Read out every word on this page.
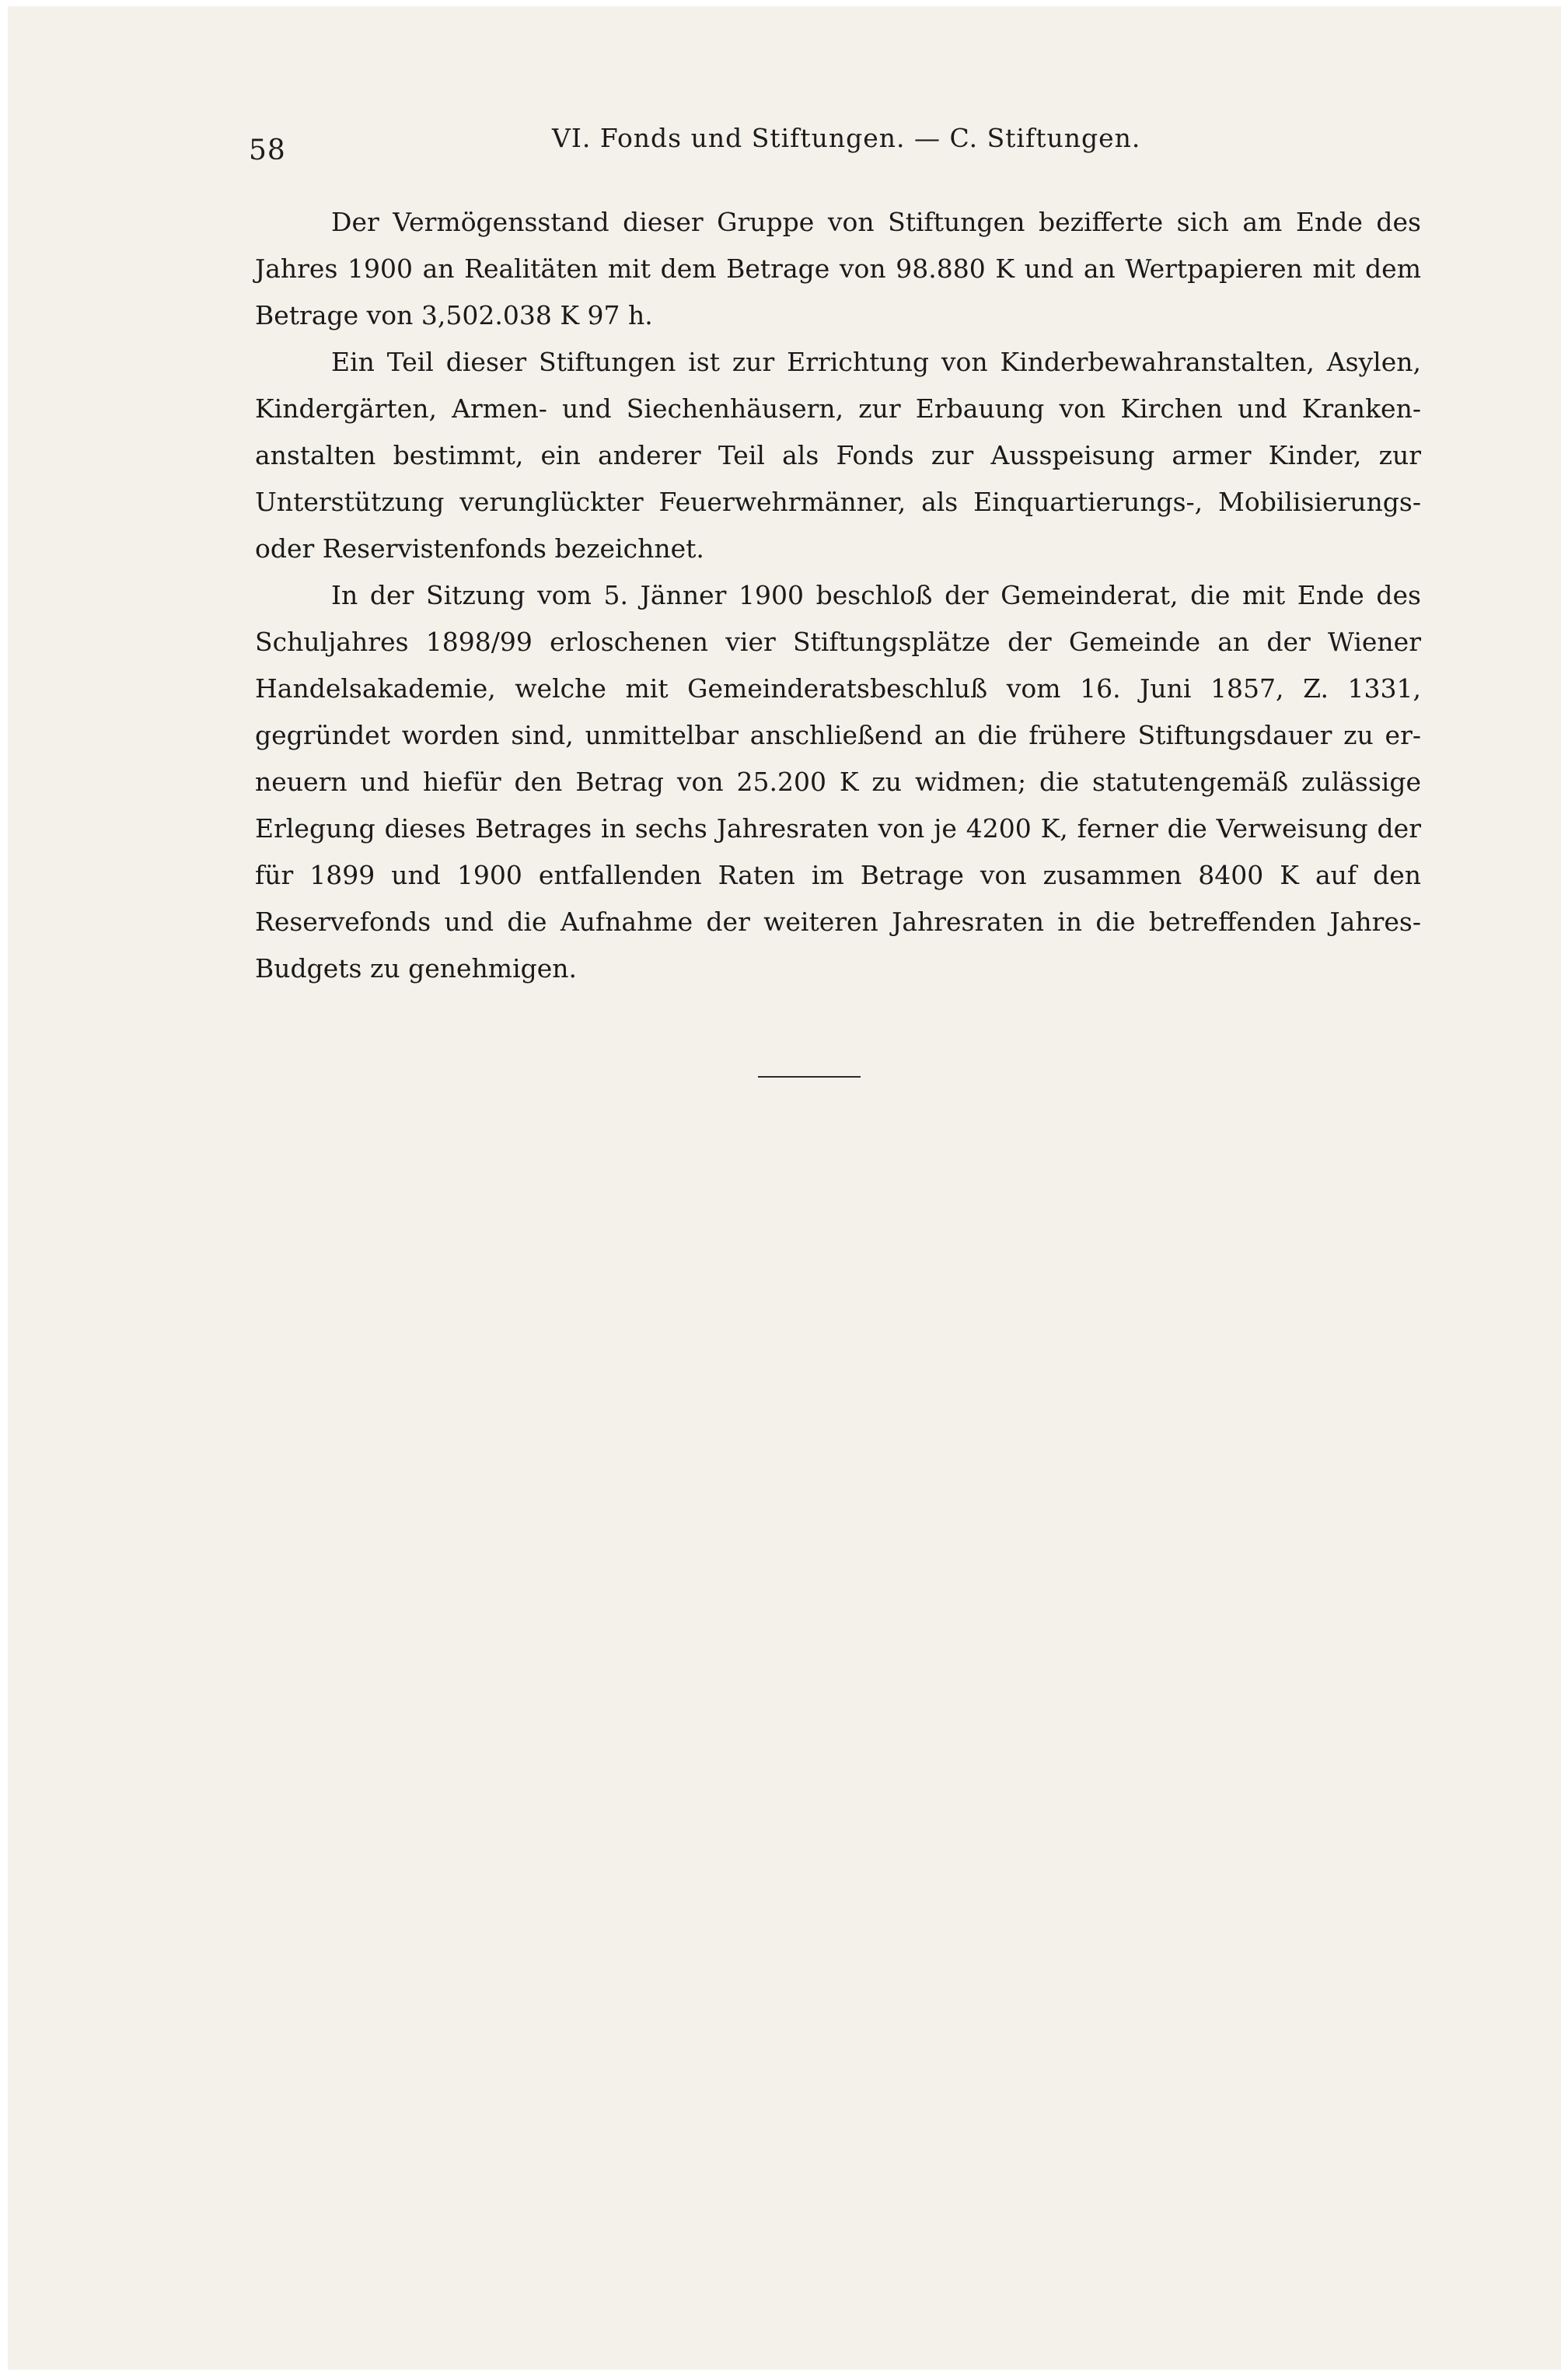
58	VI. Fonds und Stiftungen. — C. Stiftungen.

Der Vermögensstand dieser Gruppe von Stiftungen bezifferte sich am Ende des Jahres 1900 an Realitäten mit dem Betrage von 98.880 K und an Wertpapieren mit dem Betrage von 3,502.038 K 97 h.

Ein Teil dieser Stiftungen ist zur Errichtung von Kinderbewahranstalten, Asylen, Kindergärten, Armen- und Siechenhäusern, zur Erbauung von Kirchen und Kranken-anstalten bestimmt, ein anderer Teil als Fonds zur Ausspeisung armer Kinder, zur Unterstützung verunglückter Feuerwehrmänner, als Einquartierungs-, Mobilisierungs-oder Reservistenfonds bezeichnet.

In der Sitzung vom 5. Jänner 1900 beschloß der Gemeinderat, die mit Ende des Schuljahres 1898/99 erloschenen vier Stiftungsplätze der Gemeinde an der Wiener Handelsakademie, welche mit Gemeinderatsbeschluß vom 16. Juni 1857, Z. 1331, gegründet worden sind, unmittelbar anschließend an die frühere Stiftungsdauer zu er-neuern und hiefür den Betrag von 25.200 K zu widmen; die statutengemäß zulässige Erlegung dieses Betrages in sechs Jahresraten von je 4200 K, ferner die Verweisung der für 1899 und 1900 entfallenden Raten im Betrage von zusammen 8400 K auf den Reservefonds und die Aufnahme der weiteren Jahresraten in die betreffenden Jahres-Budgets zu genehmigen.
